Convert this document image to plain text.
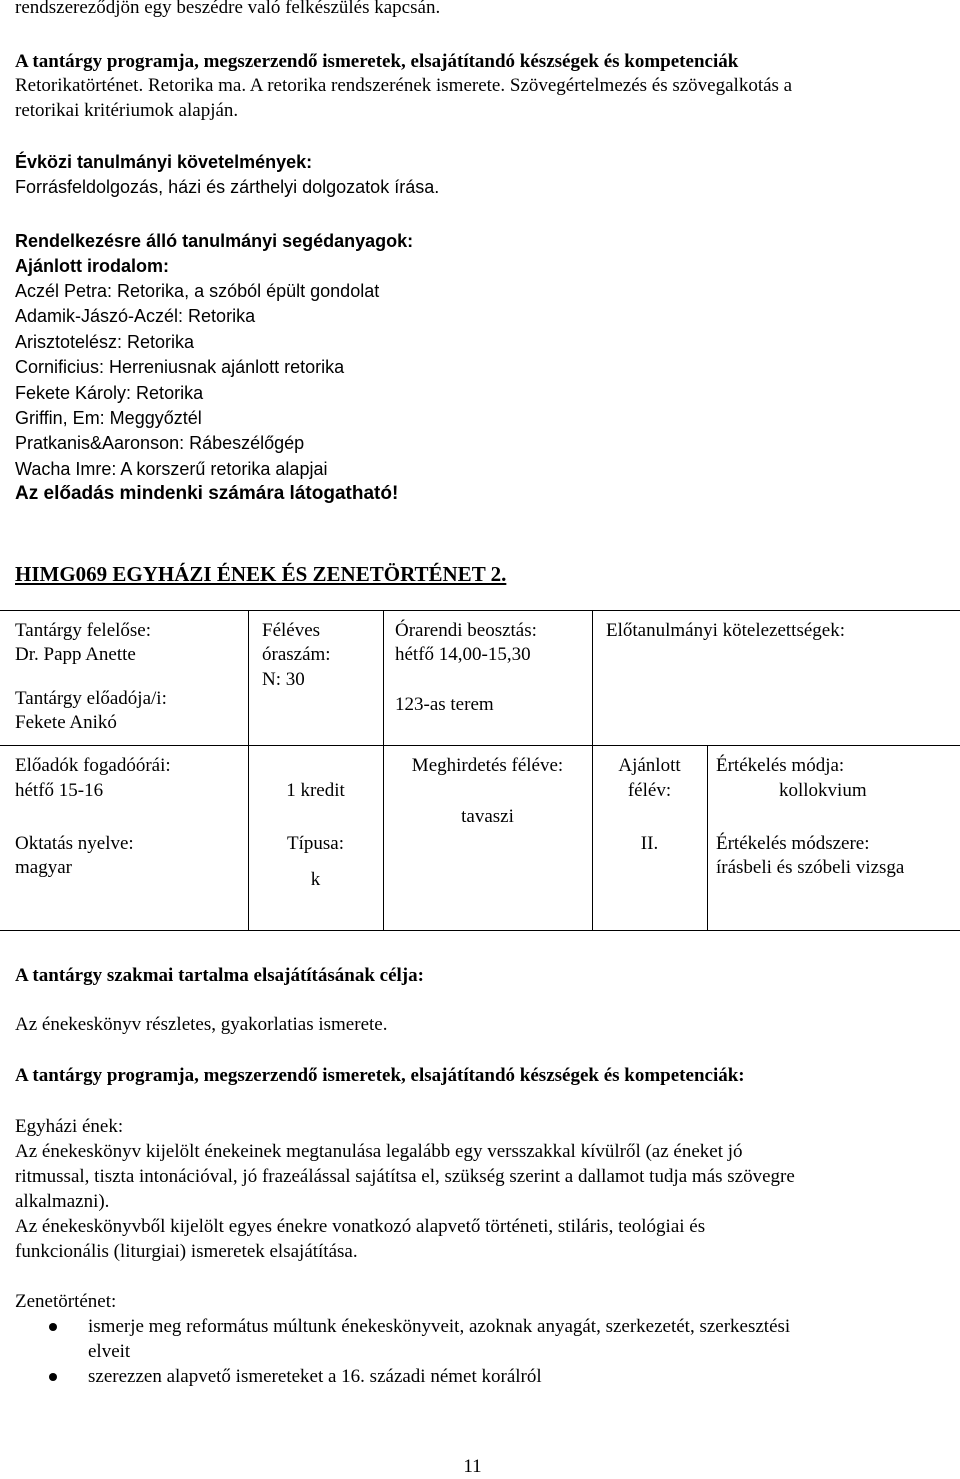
rendszereződjön egy beszédre való felkészülés kapcsán.
A tantárgy programja, megszerzendő ismeretek, elsajátítandó készségek és kompetenciák
Retorikatörténet. Retorika ma. A retorika rendszerének ismerete. Szövegértelmezés és szövegalkotás a
retorikai kritériumok alapján.
Évközi tanulmányi követelmények:
Forrásfeldolgozás, házi és zárthelyi dolgozatok írása.
Rendelkezésre álló tanulmányi segédanyagok:
Ajánlott irodalom:
Aczél Petra: Retorika, a szóból épült gondolat
Adamik-Jászó-Aczél: Retorika
Arisztotelész: Retorika
Cornificius: Herreniusnak ajánlott retorika
Fekete Károly: Retorika
Griffin, Em: Meggyőztél
Pratkanis&Aaronson: Rábeszélőgép
Wacha Imre: A korszerű retorika alapjai
Az előadás mindenki számára látogatható!
HIMG069 EGYHÁZI ÉNEK ÉS ZENETÖRTÉNET 2.
Tantárgy felelőse:
Dr. Papp Anette
Tantárgy előadója/i:
Fekete Anikó
Féléves
óraszám:
N: 30
Órarendi beosztás:
hétfő 14,00-15,30
123-as terem
Előtanulmányi kötelezettségek:
Előadók fogadóórái:
hétfő 15-16
Oktatás nyelve:
magyar
1 kredit
Típusa:
k
Meghirdetés féléve:
tavaszi
Ajánlott
félév:
II.
Értékelés módja:
kollokvium
Értékelés módszere:
írásbeli és szóbeli vizsga
A tantárgy szakmai tartalma elsajátításának célja:
Az énekeskönyv részletes, gyakorlatias ismerete.
A tantárgy programja, megszerzendő ismeretek, elsajátítandó készségek és kompetenciák:
Egyházi ének:
Az énekeskönyv kijelölt énekeinek megtanulása legalább egy versszakkal kívülről (az éneket jó
ritmussal, tiszta intonációval, jó frazeálással sajátítsa el, szükség szerint a dallamot tudja más szövegre
alkalmazni).
Az énekeskönyvből kijelölt egyes énekre vonatkozó alapvető történeti, stiláris, teológiai és
funkcionális (liturgiai) ismeretek elsajátítása.
Zenetörténet:
ismerje meg református múltunk énekeskönyveit, azoknak anyagát, szerkezetét, szerkesztési
elveit
szerezzen alapvető ismereteket a 16. századi német korálról
11
